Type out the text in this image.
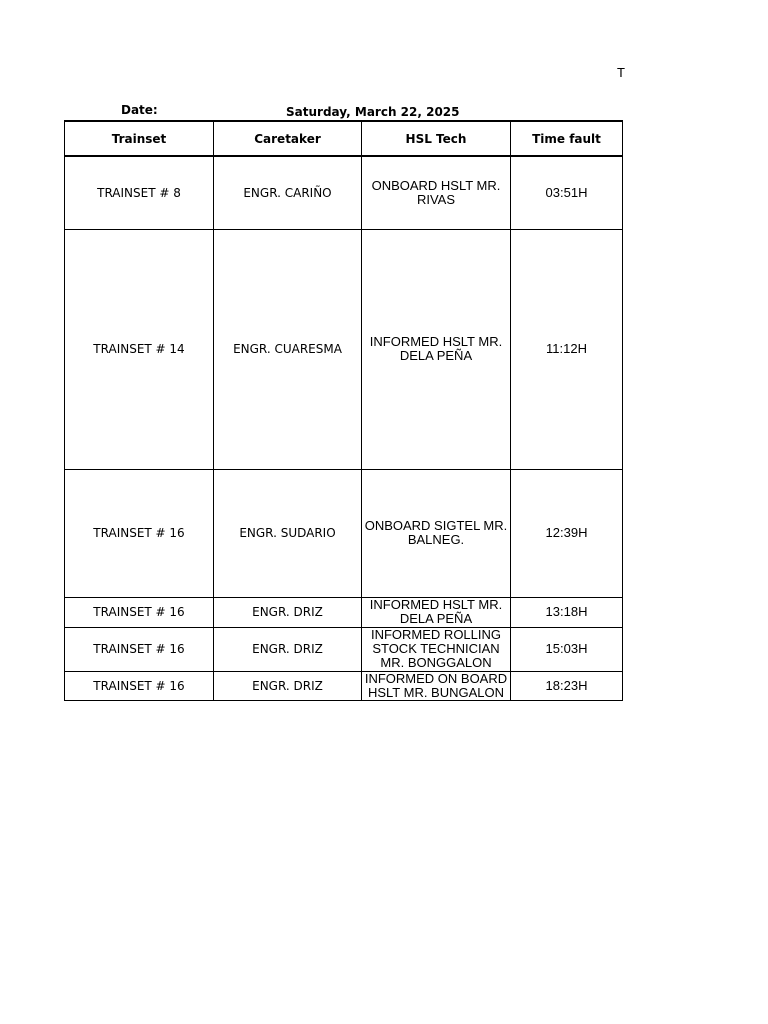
T
Date:	Saturday, March 22, 2025
Trainset	Caretaker	HSL Tech	Time fault
TRAINSET # 8	ENGR. CARIÑO	ONBOARD HSLT MR. RIVAS	03:51H
TRAINSET # 14	ENGR. CUARESMA	INFORMED HSLT MR. DELA PEÑA	11:12H
TRAINSET # 16	ENGR. SUDARIO	ONBOARD SIGTEL MR. BALNEG.	12:39H
TRAINSET # 16	ENGR. DRIZ	INFORMED HSLT MR. DELA PEÑA	13:18H
TRAINSET # 16	ENGR. DRIZ	INFORMED ROLLING STOCK TECHNICIAN MR. BONGGALON	15:03H
TRAINSET # 16	ENGR. DRIZ	INFORMED ON BOARD HSLT MR. BUNGALON	18:23H
